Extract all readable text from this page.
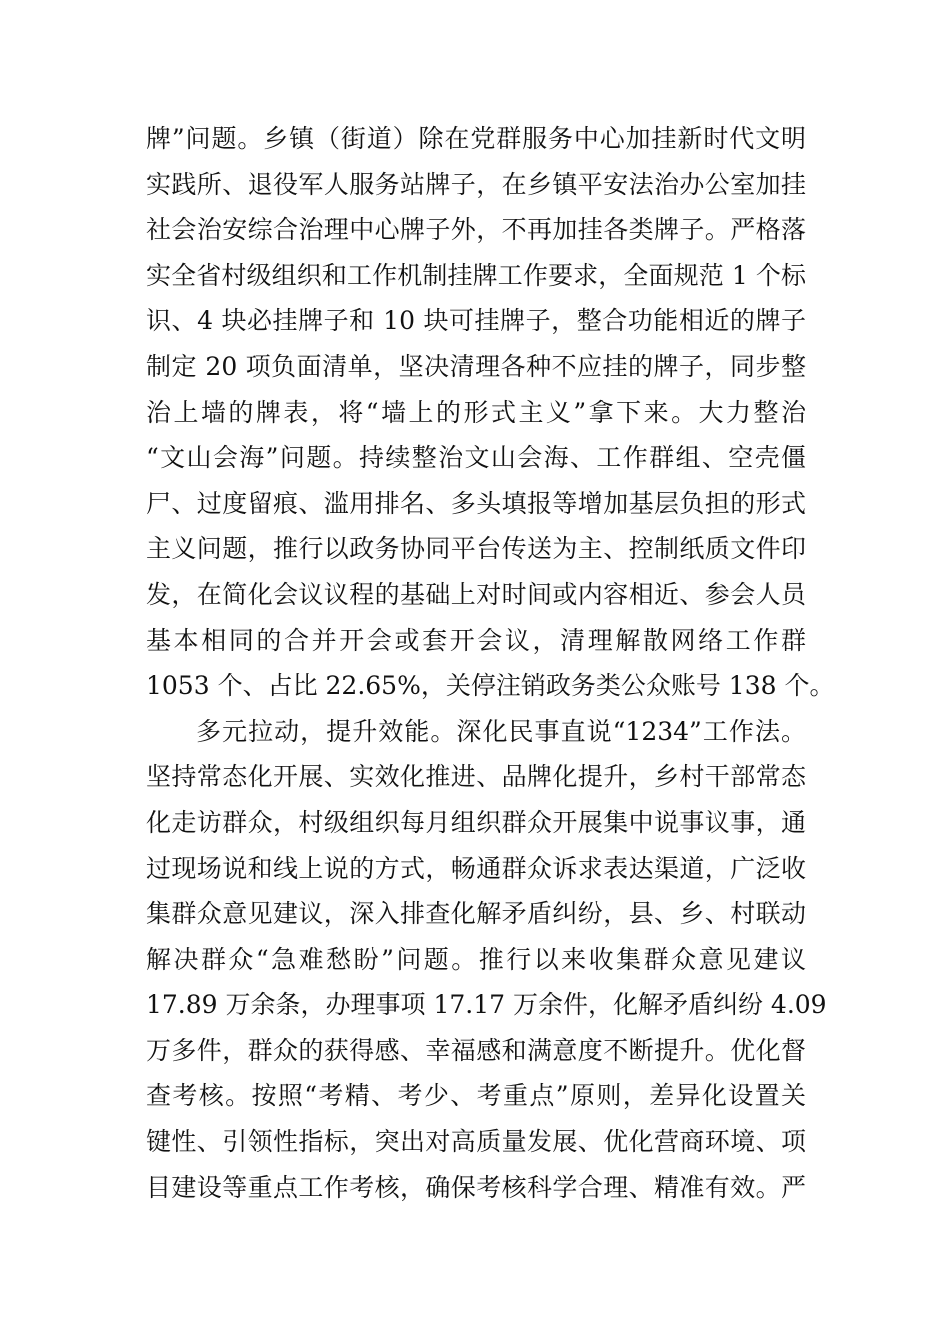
牌”问题。乡镇（街道）除在党群服务中心加挂新时代文明
实践所、退役军人服务站牌子，在乡镇平安法治办公室加挂
社会治安综合治理中心牌子外，不再加挂各类牌子。严格落
实全省村级组织和工作机制挂牌工作要求，全面规范 1 个标
识、4 块必挂牌子和 10 块可挂牌子，整合功能相近的牌子
制定 20 项负面清单，坚决清理各种不应挂的牌子，同步整
治上墙的牌表，将“墙上的形式主义”拿下来。大力整治
“文山会海”问题。持续整治文山会海、工作群组、空壳僵
尸、过度留痕、滥用排名、多头填报等增加基层负担的形式
主义问题，推行以政务协同平台传送为主、控制纸质文件印
发，在简化会议议程的基础上对时间或内容相近、参会人员
基本相同的合并开会或套开会议，清理解散网络工作群
1053 个、占比 22.65%，关停注销政务类公众账号 138 个。
多元拉动，提升效能。深化民事直说“1234”工作法。
坚持常态化开展、实效化推进、品牌化提升，乡村干部常态
化走访群众，村级组织每月组织群众开展集中说事议事，通
过现场说和线上说的方式，畅通群众诉求表达渠道，广泛收
集群众意见建议，深入排查化解矛盾纠纷，县、乡、村联动
解决群众“急难愁盼”问题。推行以来收集群众意见建议
17.89 万余条，办理事项 17.17 万余件，化解矛盾纠纷 4.09
万多件，群众的获得感、幸福感和满意度不断提升。优化督
查考核。按照“考精、考少、考重点”原则，差异化设置关
键性、引领性指标，突出对高质量发展、优化营商环境、项
目建设等重点工作考核，确保考核科学合理、精准有效。严
